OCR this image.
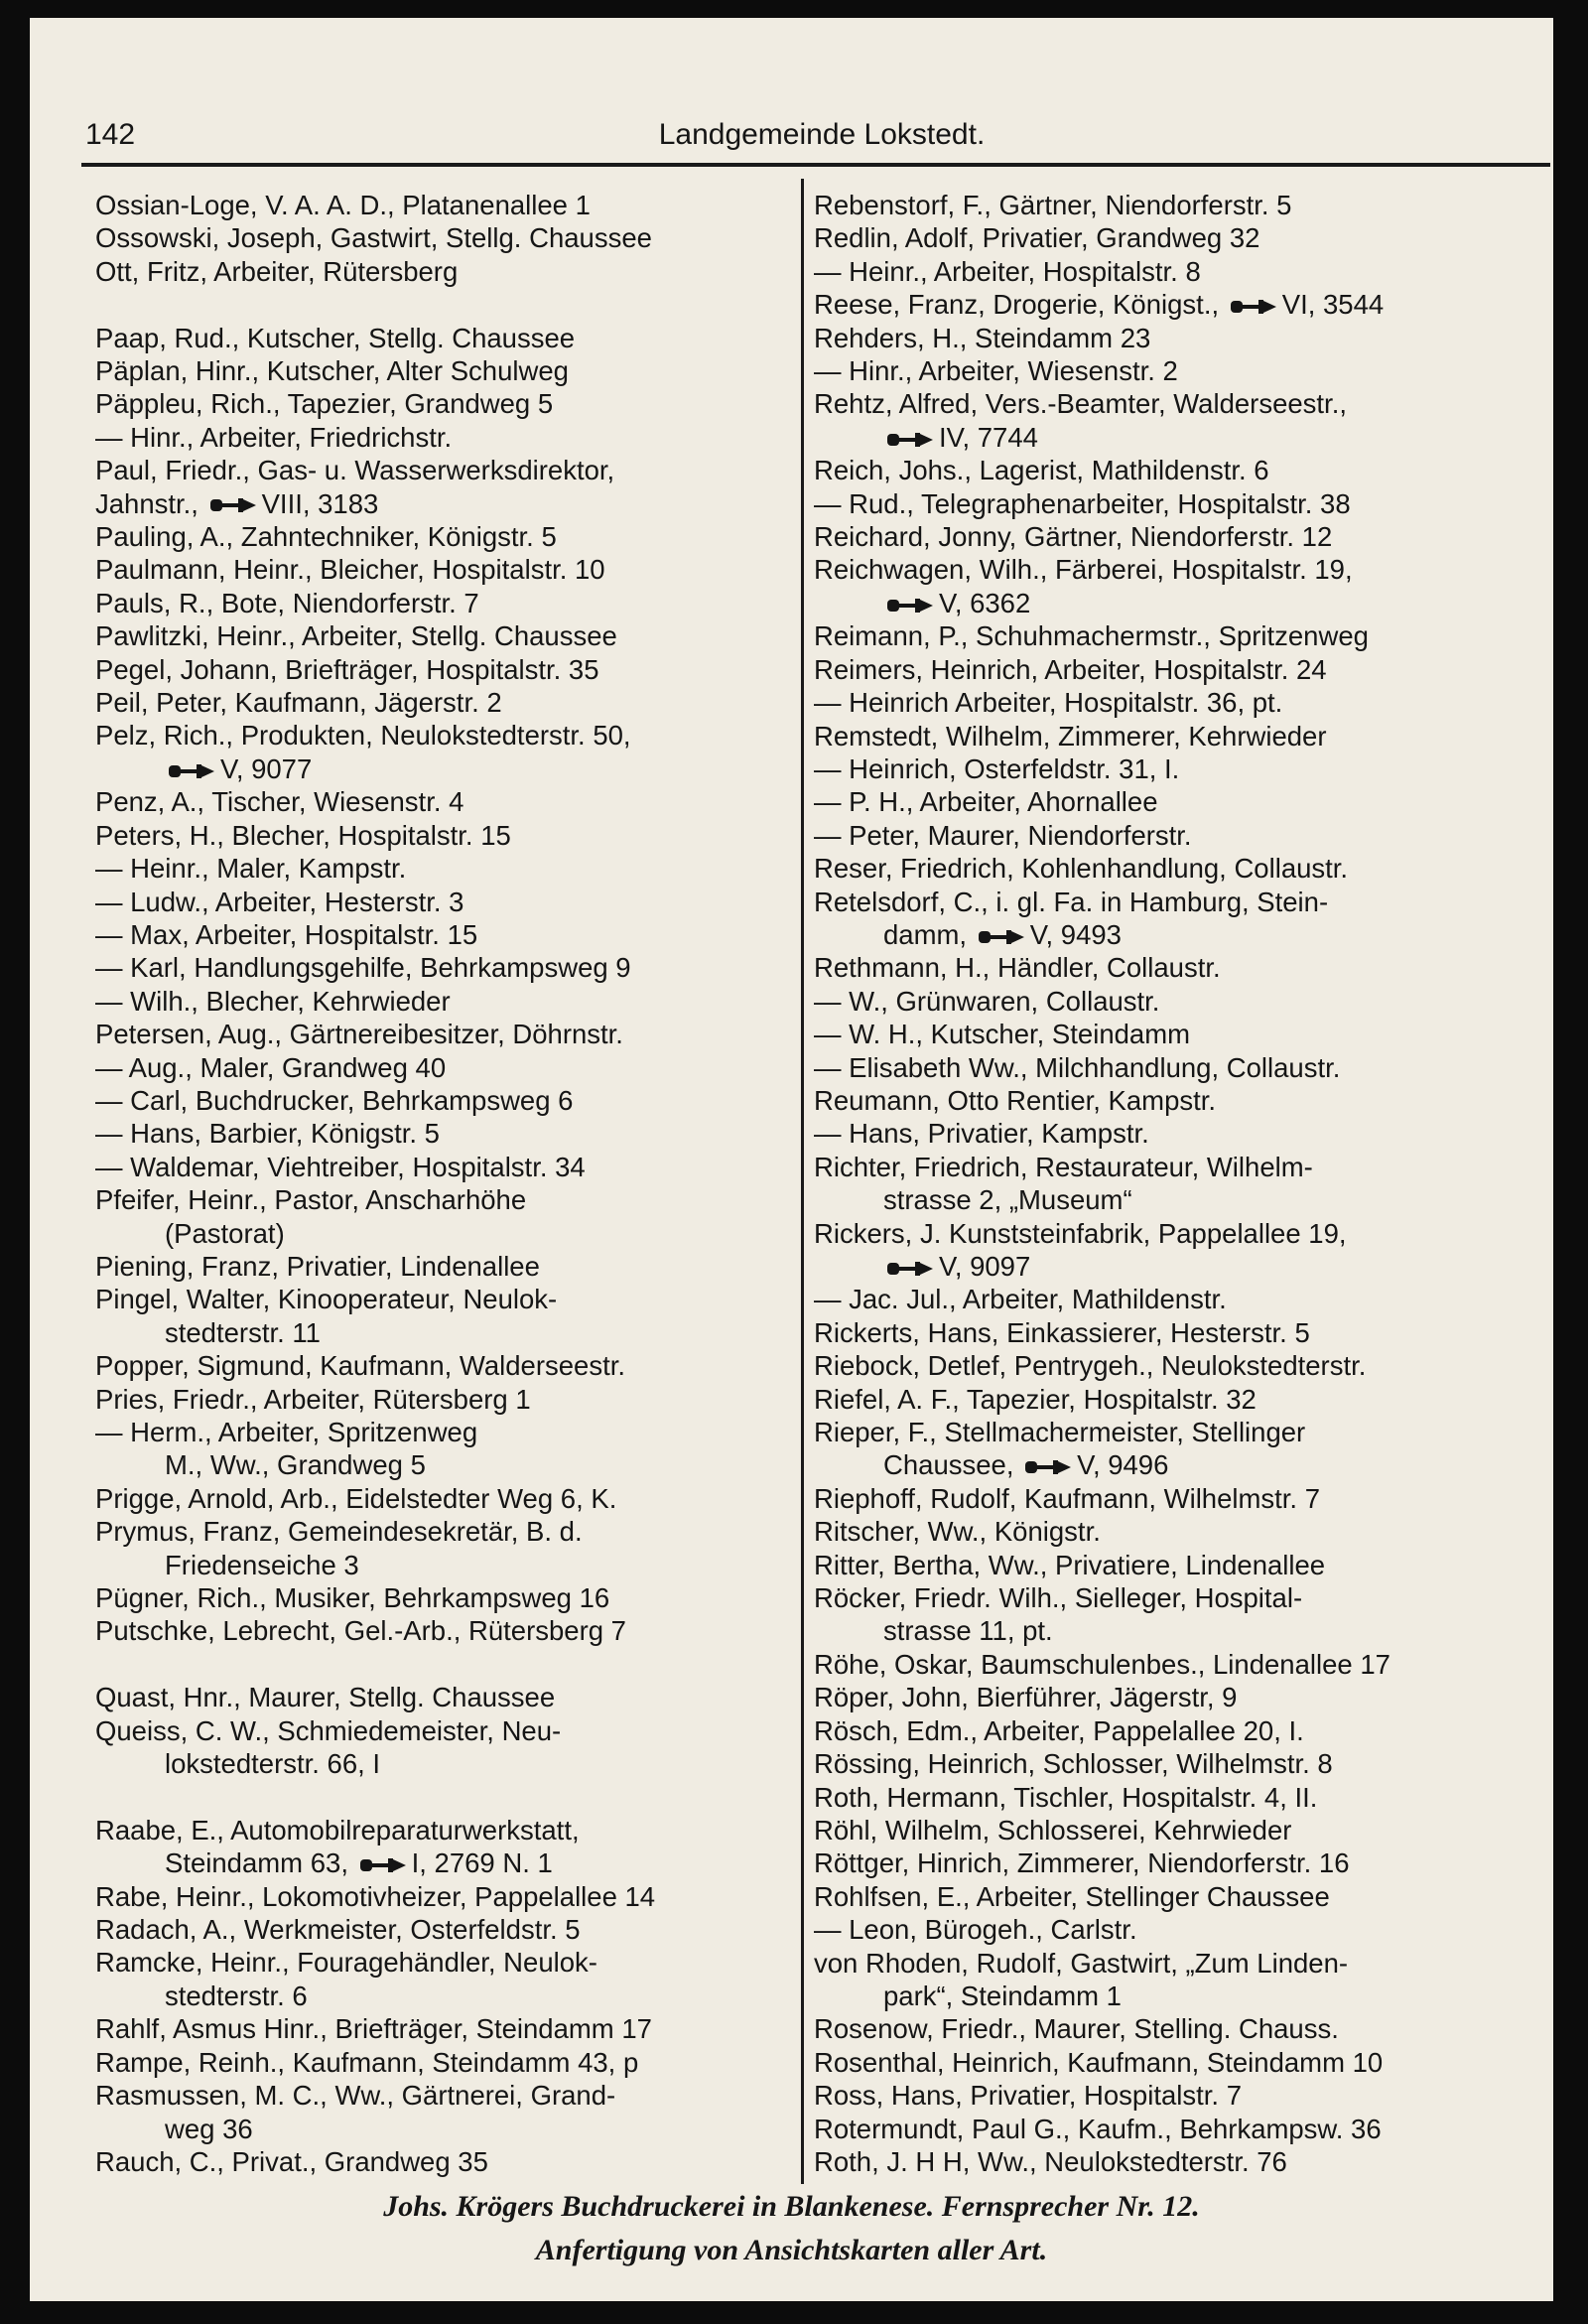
142	Landgemeinde Lokstedt.
Ossian-Loge, V. A. A. D., Platanenallee 1
Ossowski, Joseph, Gastwirt, Stellg. Chaussee
Ott, Fritz, Arbeiter, Rütersberg
Paap, Rud., Kutscher, Stellg. Chaussee
Päplan, Hinr., Kutscher, Alter Schulweg
Päppleu, Rich., Tapezier, Grandweg 5
— Hinr., Arbeiter, Friedrichstr.
Paul, Friedr., Gas- u. Wasserwerksdirektor,
Jahnstr., VIII, 3183
Pauling, A., Zahntechniker, Königstr. 5
Paulmann, Heinr., Bleicher, Hospitalstr. 10
Pauls, R., Bote, Niendorferstr. 7
Pawlitzki, Heinr., Arbeiter, Stellg. Chaussee
Pegel, Johann, Briefträger, Hospitalstr. 35
Peil, Peter, Kaufmann, Jägerstr. 2
Pelz, Rich., Produkten, Neulokstedterstr. 50,
V, 9077
Penz, A., Tischer, Wiesenstr. 4
Peters, H., Blecher, Hospitalstr. 15
— Heinr., Maler, Kampstr.
— Ludw., Arbeiter, Hesterstr. 3
— Max, Arbeiter, Hospitalstr. 15
— Karl, Handlungsgehilfe, Behrkampsweg 9
— Wilh., Blecher, Kehrwieder
Petersen, Aug., Gärtnereibesitzer, Döhrnstr.
— Aug., Maler, Grandweg 40
— Carl, Buchdrucker, Behrkampsweg 6
— Hans, Barbier, Königstr. 5
— Waldemar, Viehtreiber, Hospitalstr. 34
Pfeifer, Heinr., Pastor, Anscharhöhe
(Pastorat)
Piening, Franz, Privatier, Lindenallee
Pingel, Walter, Kinooperateur, Neulok-
stedterstr. 11
Popper, Sigmund, Kaufmann, Walderseestr.
Pries, Friedr., Arbeiter, Rütersberg 1
— Herm., Arbeiter, Spritzenweg
M., Ww., Grandweg 5
Prigge, Arnold, Arb., Eidelstedter Weg 6, K.
Prymus, Franz, Gemeindesekretär, B. d.
Friedenseiche 3
Pügner, Rich., Musiker, Behrkampsweg 16
Putschke, Lebrecht, Gel.-Arb., Rütersberg 7
Quast, Hnr., Maurer, Stellg. Chaussee
Queiss, C. W., Schmiedemeister, Neu-
lokstedterstr. 66, I
Raabe, E., Automobilreparaturwerkstatt,
Steindamm 63, I, 2769 N. 1
Rabe, Heinr., Lokomotivheizer, Pappelallee 14
Radach, A., Werkmeister, Osterfeldstr. 5
Ramcke, Heinr., Fouragehändler, Neulok-
stedterstr. 6
Rahlf, Asmus Hinr., Briefträger, Steindamm 17
Rampe, Reinh., Kaufmann, Steindamm 43, p
Rasmussen, M. C., Ww., Gärtnerei, Grand-
weg 36
Rauch, C., Privat., Grandweg 35
Rebenstorf, F., Gärtner, Niendorferstr. 5
Redlin, Adolf, Privatier, Grandweg 32
— Heinr., Arbeiter, Hospitalstr. 8
Reese, Franz, Drogerie, Königst., VI, 3544
Rehders, H., Steindamm 23
— Hinr., Arbeiter, Wiesenstr. 2
Rehtz, Alfred, Vers.-Beamter, Walderseestr.,
IV, 7744
Reich, Johs., Lagerist, Mathildenstr. 6
— Rud., Telegraphenarbeiter, Hospitalstr. 38
Reichard, Jonny, Gärtner, Niendorferstr. 12
Reichwagen, Wilh., Färberei, Hospitalstr. 19,
V, 6362
Reimann, P., Schuhmachermstr., Spritzenweg
Reimers, Heinrich, Arbeiter, Hospitalstr. 24
— Heinrich Arbeiter, Hospitalstr. 36, pt.
Remstedt, Wilhelm, Zimmerer, Kehrwieder
— Heinrich, Osterfeldstr. 31, I.
— P. H., Arbeiter, Ahornallee
— Peter, Maurer, Niendorferstr.
Reser, Friedrich, Kohlenhandlung, Collaustr.
Retelsdorf, C., i. gl. Fa. in Hamburg, Stein-
damm, V, 9493
Rethmann, H., Händler, Collaustr.
— W., Grünwaren, Collaustr.
— W. H., Kutscher, Steindamm
— Elisabeth Ww., Milchhandlung, Collaustr.
Reumann, Otto Rentier, Kampstr.
— Hans, Privatier, Kampstr.
Richter, Friedrich, Restaurateur, Wilhelm-
strasse 2, „Museum“
Rickers, J. Kunststeinfabrik, Pappelallee 19,
V, 9097
— Jac. Jul., Arbeiter, Mathildenstr.
Rickerts, Hans, Einkassierer, Hesterstr. 5
Riebock, Detlef, Pentrygeh., Neulokstedterstr.
Riefel, A. F., Tapezier, Hospitalstr. 32
Rieper, F., Stellmachermeister, Stellinger
Chaussee, V, 9496
Riephoff, Rudolf, Kaufmann, Wilhelmstr. 7
Ritscher, Ww., Königstr.
Ritter, Bertha, Ww., Privatiere, Lindenallee
Röcker, Friedr. Wilh., Sielleger, Hospital-
strasse 11, pt.
Röhe, Oskar, Baumschulenbes., Lindenallee 17
Röper, John, Bierführer, Jägerstr, 9
Rösch, Edm., Arbeiter, Pappelallee 20, I.
Rössing, Heinrich, Schlosser, Wilhelmstr. 8
Roth, Hermann, Tischler, Hospitalstr. 4, II.
Röhl, Wilhelm, Schlosserei, Kehrwieder
Röttger, Hinrich, Zimmerer, Niendorferstr. 16
Rohlfsen, E., Arbeiter, Stellinger Chaussee
— Leon, Bürogeh., Carlstr.
von Rhoden, Rudolf, Gastwirt, „Zum Linden-
park“, Steindamm 1
Rosenow, Friedr., Maurer, Stelling. Chauss.
Rosenthal, Heinrich, Kaufmann, Steindamm 10
Ross, Hans, Privatier, Hospitalstr. 7
Rotermundt, Paul G., Kaufm., Behrkampsw. 36
Roth, J. H H, Ww., Neulokstedterstr. 76
Johs. Krögers Buchdruckerei in Blankenese. Fernsprecher Nr. 12.
Anfertigung von Ansichtskarten aller Art.
